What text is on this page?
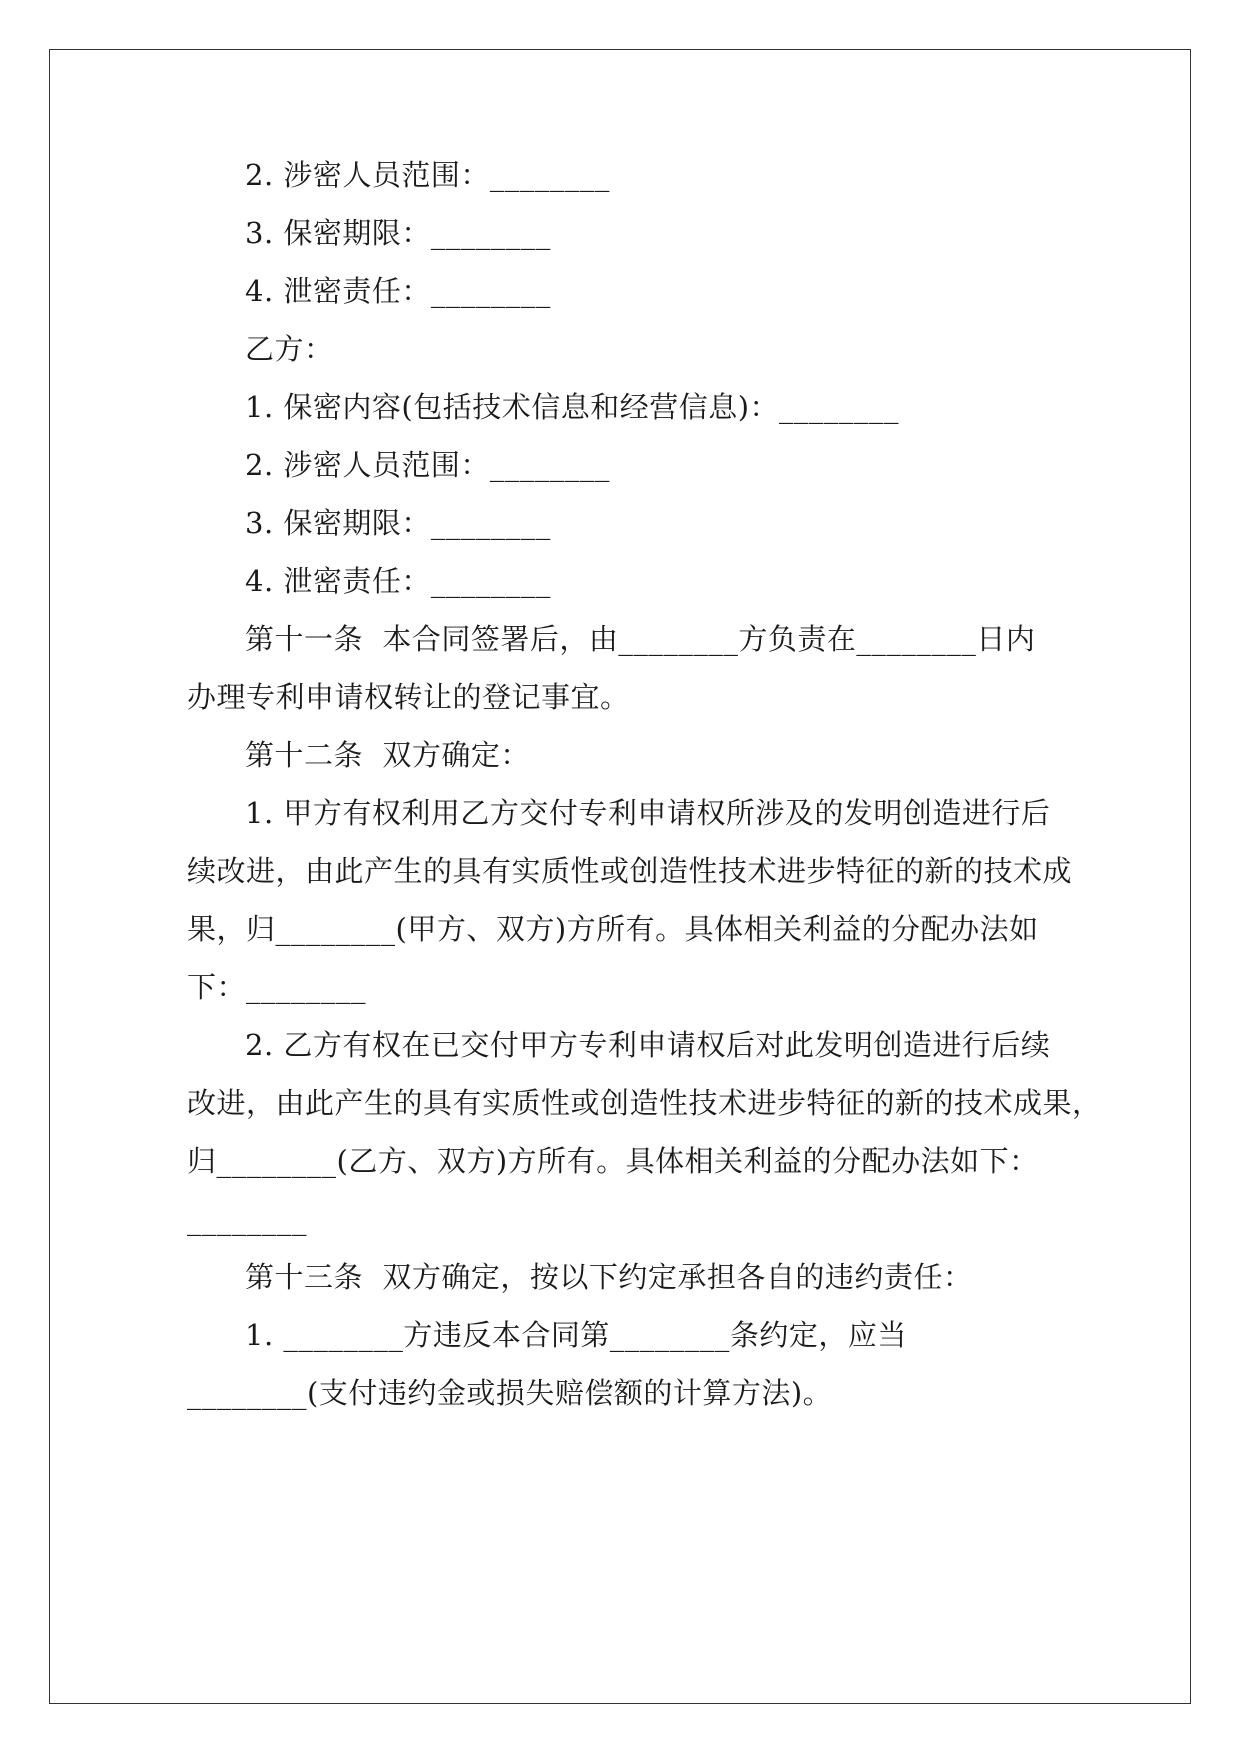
2. 涉密人员范围：________
3. 保密期限：________
4. 泄密责任：________
乙方：
1. 保密内容(包括技术信息和经营信息)：________
2. 涉密人员范围：________
3. 保密期限：________
4. 泄密责任：________
第十一条  本合同签署后，由________方负责在________日内
办理专利申请权转让的登记事宜。
第十二条  双方确定：
1. 甲方有权利用乙方交付专利申请权所涉及的发明创造进行后
续改进，由此产生的具有实质性或创造性技术进步特征的新的技术成
果，归________(甲方、双方)方所有。具体相关利益的分配办法如
下：________
2. 乙方有权在已交付甲方专利申请权后对此发明创造进行后续
改进，由此产生的具有实质性或创造性技术进步特征的新的技术成果，
归________(乙方、双方)方所有。具体相关利益的分配办法如下：
________
第十三条  双方确定，按以下约定承担各自的违约责任：
1. ________方违反本合同第________条约定，应当
________(支付违约金或损失赔偿额的计算方法)。
